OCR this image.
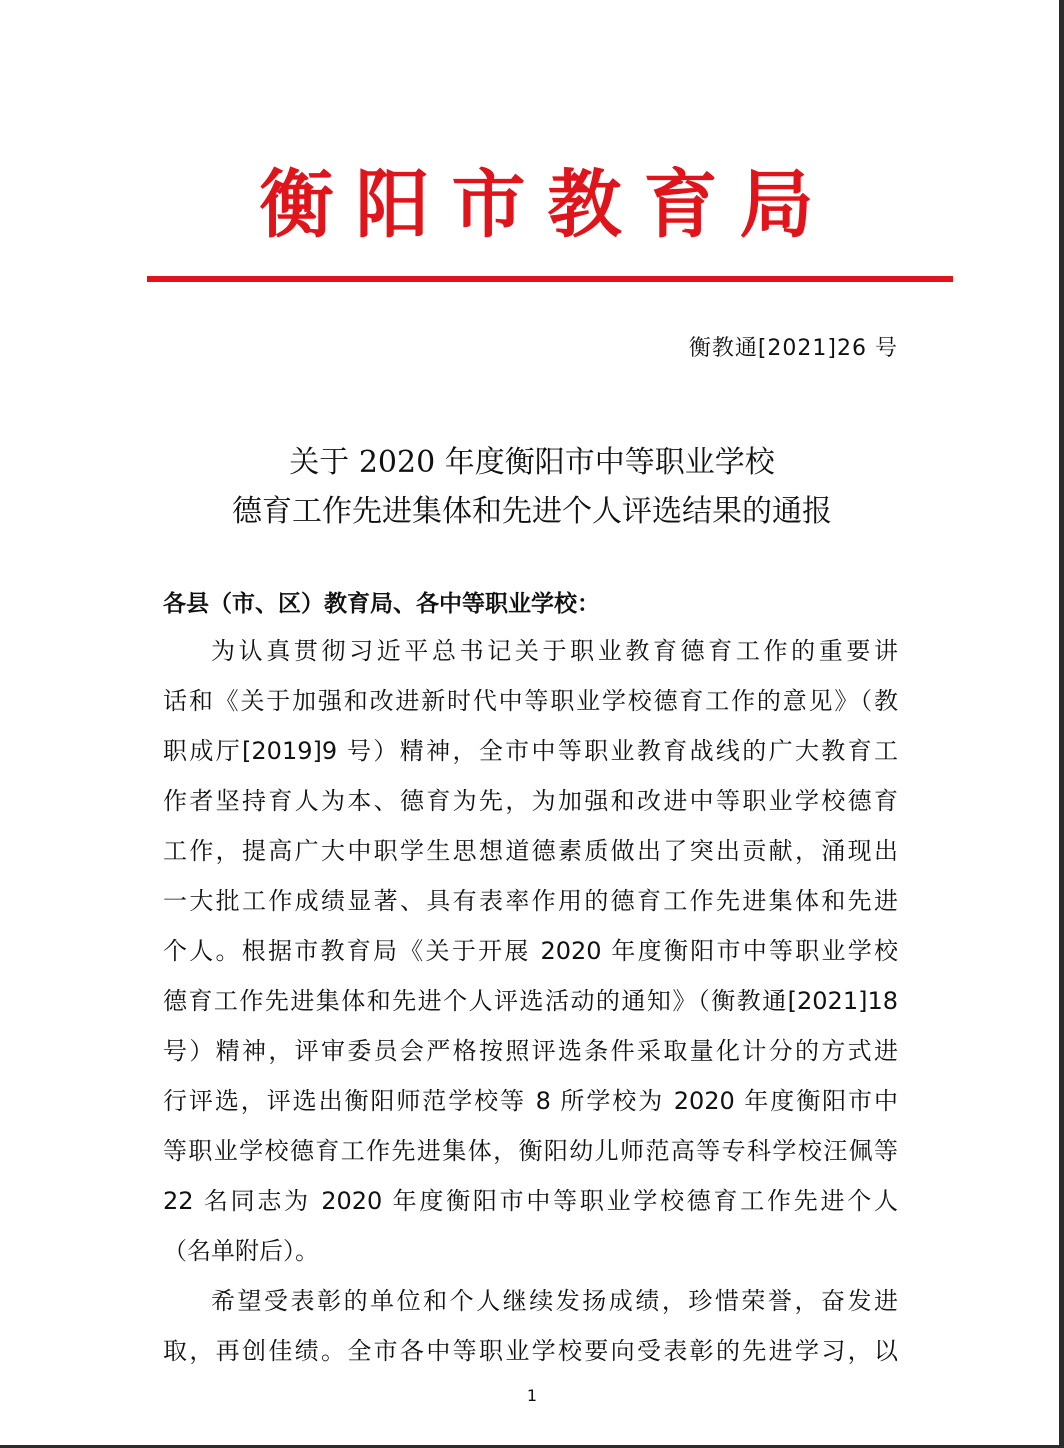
衡阳市教育局
衡教通[2021]26 号
关于 2020 年度衡阳市中等职业学校
德育工作先进集体和先进个人评选结果的通报
各县（市、区）教育局、各中等职业学校：
为认真贯彻习近平总书记关于职业教育德育工作的重要讲
话和《关于加强和改进新时代中等职业学校德育工作的意见》（教
职成厅[2019]9 号）精神，全市中等职业教育战线的广大教育工
作者坚持育人为本、德育为先，为加强和改进中等职业学校德育
工作，提高广大中职学生思想道德素质做出了突出贡献，涌现出
一大批工作成绩显著、具有表率作用的德育工作先进集体和先进
个人。根据市教育局《关于开展 2020 年度衡阳市中等职业学校
德育工作先进集体和先进个人评选活动的通知》（衡教通[2021]18
号）精神，评审委员会严格按照评选条件采取量化计分的方式进
行评选，评选出衡阳师范学校等 8 所学校为 2020 年度衡阳市中
等职业学校德育工作先进集体，衡阳幼儿师范高等专科学校汪佩等
22 名同志为 2020 年度衡阳市中等职业学校德育工作先进个人
（名单附后）。
希望受表彰的单位和个人继续发扬成绩，珍惜荣誉，奋发进
取，再创佳绩。全市各中等职业学校要向受表彰的先进学习，以
1
